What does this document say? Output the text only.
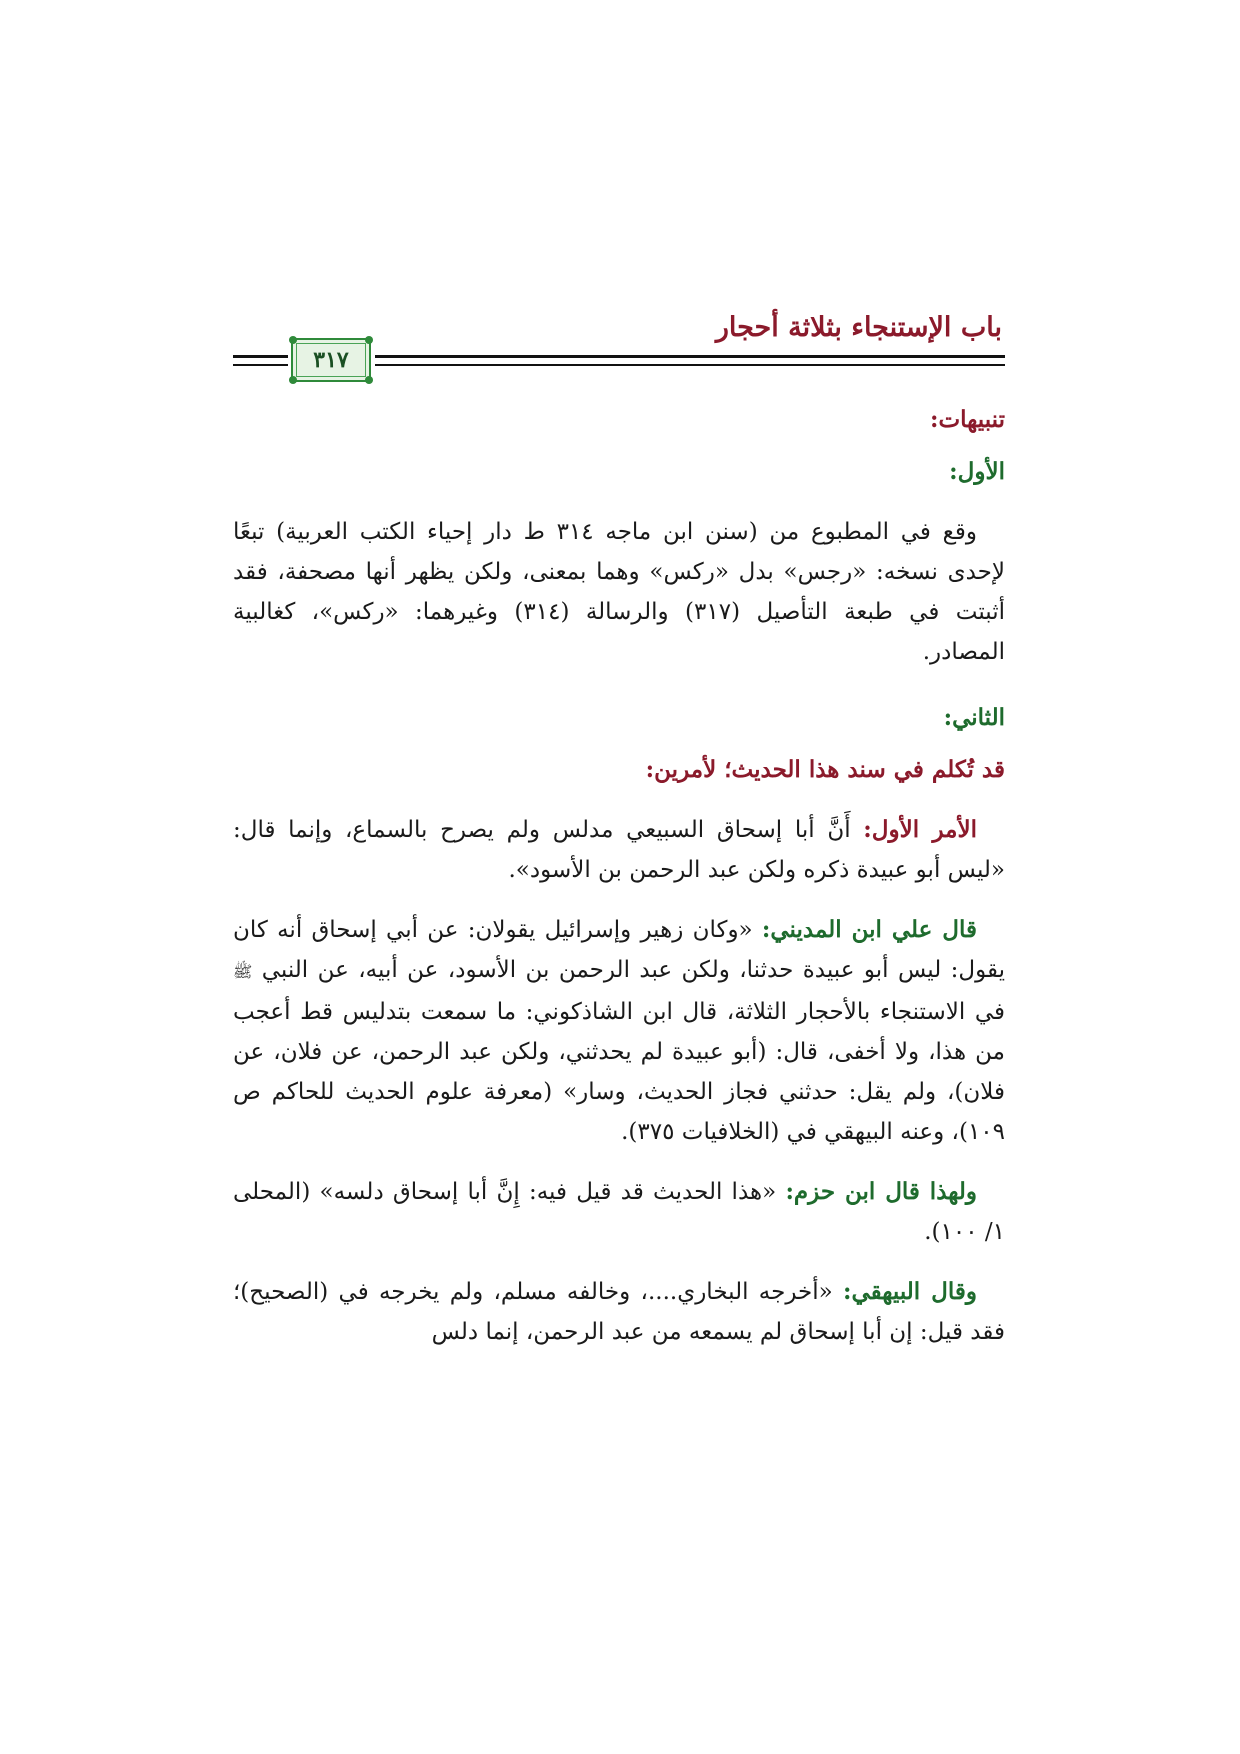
باب الإستنجاء بثلاثة أحجار
٣١٧

تنبيهات:

الأول:

وقع في المطبوع من (سنن ابن ماجه ٣١٤ ط دار إحياء الكتب العربية) تبعًا لإحدى نسخه: «رجس» بدل «ركس» وهما بمعنى، ولكن يظهر أنها مصحفة، فقد أثبتت في طبعة التأصيل (٣١٧) والرسالة (٣١٤) وغيرهما: «ركس»، كغالبية المصادر.

الثاني:

قد تُكلم في سند هذا الحديث؛ لأمرين:

الأمر الأول: أَنَّ أبا إسحاق السبيعي مدلس ولم يصرح بالسماع، وإنما قال: «ليس أبو عبيدة ذكره ولكن عبد الرحمن بن الأسود».

قال علي ابن المديني: «وكان زهير وإسرائيل يقولان: عن أبي إسحاق أنه كان يقول: ليس أبو عبيدة حدثنا، ولكن عبد الرحمن بن الأسود، عن أبيه، عن النبي ﷺ في الاستنجاء بالأحجار الثلاثة، قال ابن الشاذكوني: ما سمعت بتدليس قط أعجب من هذا، ولا أخفى، قال: (أبو عبيدة لم يحدثني، ولكن عبد الرحمن، عن فلان، عن فلان)، ولم يقل: حدثني فجاز الحديث، وسار» (معرفة علوم الحديث للحاكم ص ١٠٩)، وعنه البيهقي في (الخلافيات ٣٧٥).

ولهذا قال ابن حزم: «هذا الحديث قد قيل فيه: إِنَّ أبا إسحاق دلسه» (المحلى ١/ ١٠٠).

وقال البيهقي: «أخرجه البخاري....، وخالفه مسلم، ولم يخرجه في (الصحيح)؛ فقد قيل: إن أبا إسحاق لم يسمعه من عبد الرحمن، إنما دلس
